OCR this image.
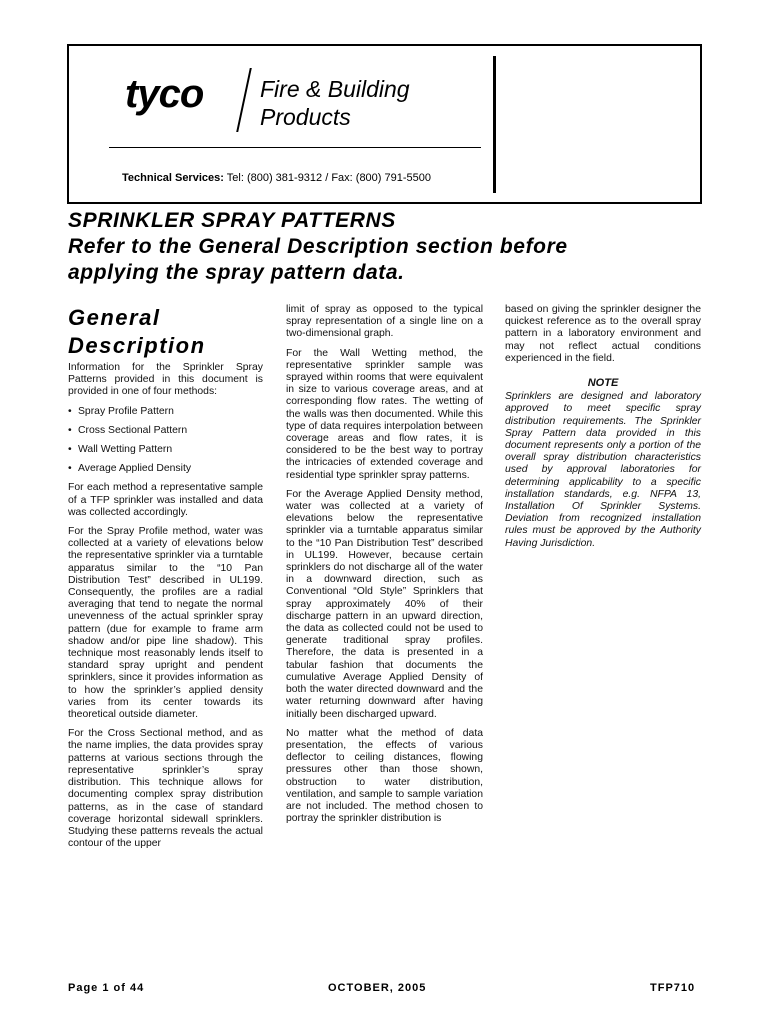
tyco Fire & Building
Products
Technical Services: Tel: (800) 381-9312 / Fax: (800) 791-5500
SPRINKLER SPRAY PATTERNS
Refer to the General Description section before
applying the spray pattern data.
General
Description

Information for the Sprinkler Spray Patterns provided in this document is provided in one of four methods:

• Spray Profile Pattern
• Cross Sectional Pattern
• Wall Wetting Pattern
• Average Applied Density

For each method a representative sample of a TFP sprinkler was installed and data was collected accordingly.

For the Spray Profile method, water was collected at a variety of elevations below the representative sprinkler via a turntable apparatus similar to the “10 Pan Distribution Test” described in UL199. Consequently, the profiles are a radial averaging that tend to negate the normal unevenness of the actual sprinkler spray pattern (due for example to frame arm shadow and/or pipe line shadow). This technique most reasonably lends itself to standard spray upright and pendent sprinklers, since it provides information as to how the sprinkler’s applied density varies from its center towards its theoretical outside diameter.

For the Cross Sectional method, and as the name implies, the data provides spray patterns at various sections through the representative sprinkler’s spray distribution. This technique allows for documenting complex spray distribution patterns, as in the case of standard coverage horizontal sidewall sprinklers. Studying these patterns reveals the actual contour of the upper

limit of spray as opposed to the typical spray representation of a single line on a two-dimensional graph.

For the Wall Wetting method, the representative sprinkler sample was sprayed within rooms that were equivalent in size to various coverage areas, and at corresponding flow rates. The wetting of the walls was then documented. While this type of data requires interpolation between coverage areas and flow rates, it is considered to be the best way to portray the intricacies of extended coverage and residential type sprinkler spray patterns.

For the Average Applied Density method, water was collected at a variety of elevations below the representative sprinkler via a turntable apparatus similar to the “10 Pan Distribution Test” described in UL199. However, because certain sprinklers do not discharge all of the water in a downward direction, such as Conventional “Old Style” Sprinklers that spray approximately 40% of their discharge pattern in an upward direction, the data as collected could not be used to generate traditional spray profiles. Therefore, the data is presented in a tabular fashion that documents the cumulative Average Applied Density of both the water directed downward and the water returning downward after having initially been discharged upward.

No matter what the method of data presentation, the effects of various deflector to ceiling distances, flowing pressures other than those shown, obstruction to water distribution, ventilation, and sample to sample variation are not included. The method chosen to portray the sprinkler distribution is

based on giving the sprinkler designer the quickest reference as to the overall spray pattern in a laboratory environment and may not reflect actual conditions experienced in the field.

NOTE

Sprinklers are designed and laboratory approved to meet specific spray distribution requirements. The Sprinkler Spray Pattern data provided in this document represents only a portion of the overall spray distribution characteristics used by approval laboratories for determining applicability to a specific installation standards, e.g. NFPA 13, Installation Of Sprinkler Systems. Deviation from recognized installation rules must be approved by the Authority Having Jurisdiction.

Page 1 of 44	OCTOBER, 2005	TFP710
